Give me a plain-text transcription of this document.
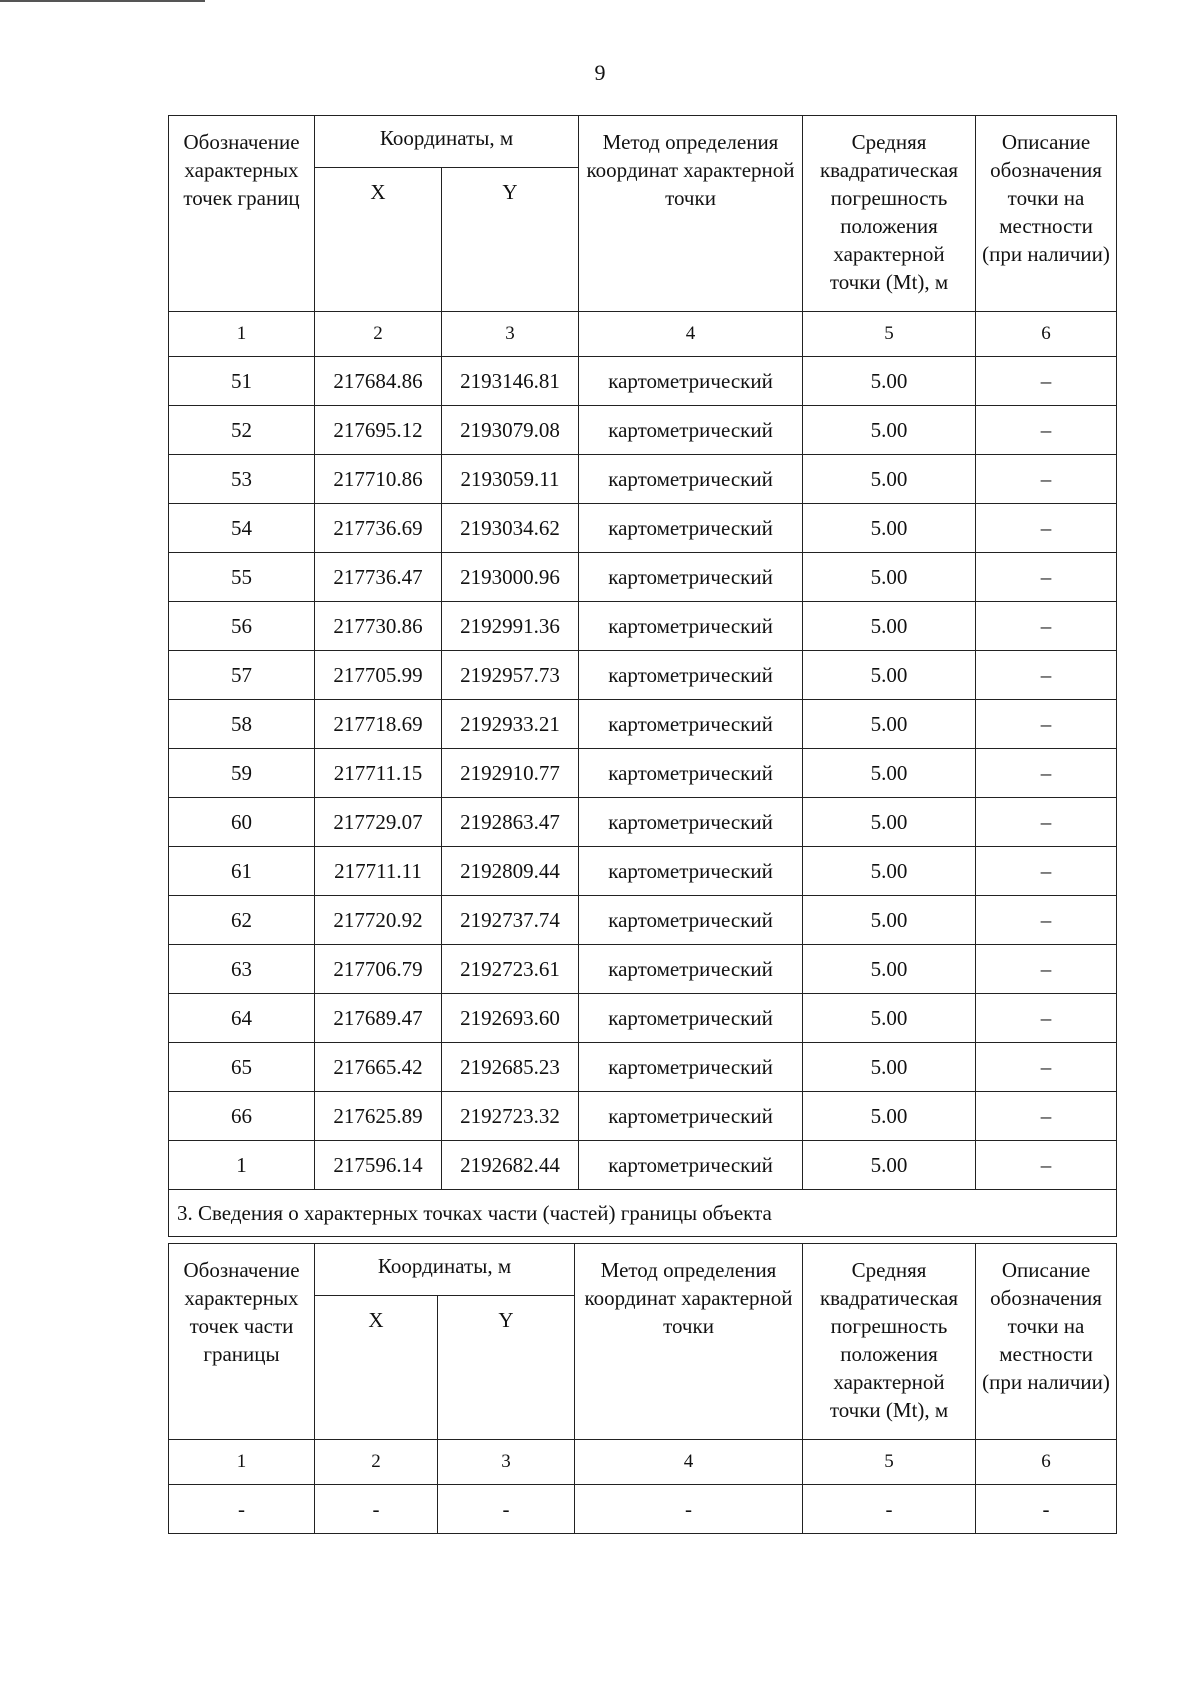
9
Обозначение характерных точек границ	Координаты, м		Метод определения координат характерной точки	Средняя квадратическая погрешность положения характерной точки (Mt), м	Описание обозначения точки на местности (при наличии)
	X	Y			
1	2	3	4	5	6
51	217684.86	2193146.81	картометрический	5.00	–
52	217695.12	2193079.08	картометрический	5.00	–
53	217710.86	2193059.11	картометрический	5.00	–
54	217736.69	2193034.62	картометрический	5.00	–
55	217736.47	2193000.96	картометрический	5.00	–
56	217730.86	2192991.36	картометрический	5.00	–
57	217705.99	2192957.73	картометрический	5.00	–
58	217718.69	2192933.21	картометрический	5.00	–
59	217711.15	2192910.77	картометрический	5.00	–
60	217729.07	2192863.47	картометрический	5.00	–
61	217711.11	2192809.44	картометрический	5.00	–
62	217720.92	2192737.74	картометрический	5.00	–
63	217706.79	2192723.61	картометрический	5.00	–
64	217689.47	2192693.60	картометрический	5.00	–
65	217665.42	2192685.23	картометрический	5.00	–
66	217625.89	2192723.32	картометрический	5.00	–
1	217596.14	2192682.44	картометрический	5.00	–
3. Сведения о характерных точках части (частей) границы объекта					
Обозначение характерных точек части границы	Координаты, м		Метод определения координат характерной точки	Средняя квадратическая погрешность положения характерной точки (Mt), м	Описание обозначения точки на местности (при наличии)
	X	Y			
1	2	3	4	5	6
-	-	-	-	-	-
